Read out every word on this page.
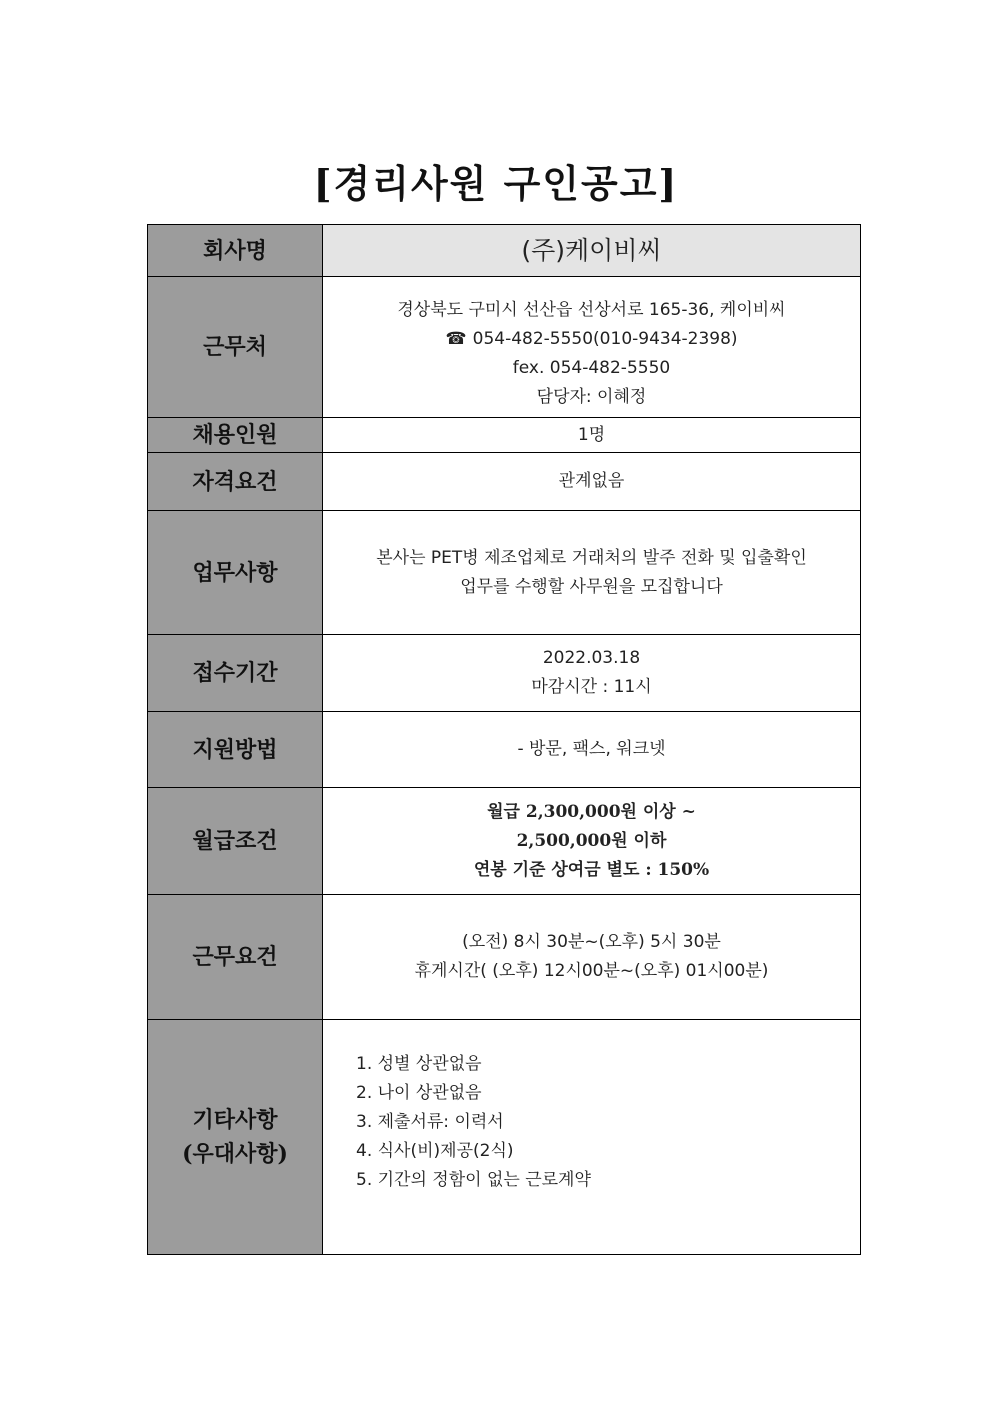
[경리사원 구인공고]
회사명	(주)케이비씨
근무처	경상북도 구미시 선산읍 선상서로 165-36, 케이비씨
☎ 054-482-5550(010-9434-2398)
fex. 054-482-5550
담당자: 이혜정

채용인원	1명
자격요건	관계없음
업무사항	본사는 PET병 제조업체로 거래처의 발주 전화 및 입출확인
업무를 수행할 사무원을 모집합니다

접수기간	2022.03.18
마감시간 : 11시

지원방법	- 방문, 팩스, 워크넷
월급조건	월급 2,300,000원 이상 ~
2,500,000원 이하
연봉 기준 상여금 별도 : 150%

근무요건	(오전) 8시 30분~(오후) 5시 30분
휴게시간( (오후) 12시00분~(오후) 01시00분)

기타사항
(우대사항)	1. 성별 상관없음
2. 나이 상관없음
3. 제출서류: 이력서
4. 식사(비)제공(2식)
5. 기간의 정함이 없는 근로계약
